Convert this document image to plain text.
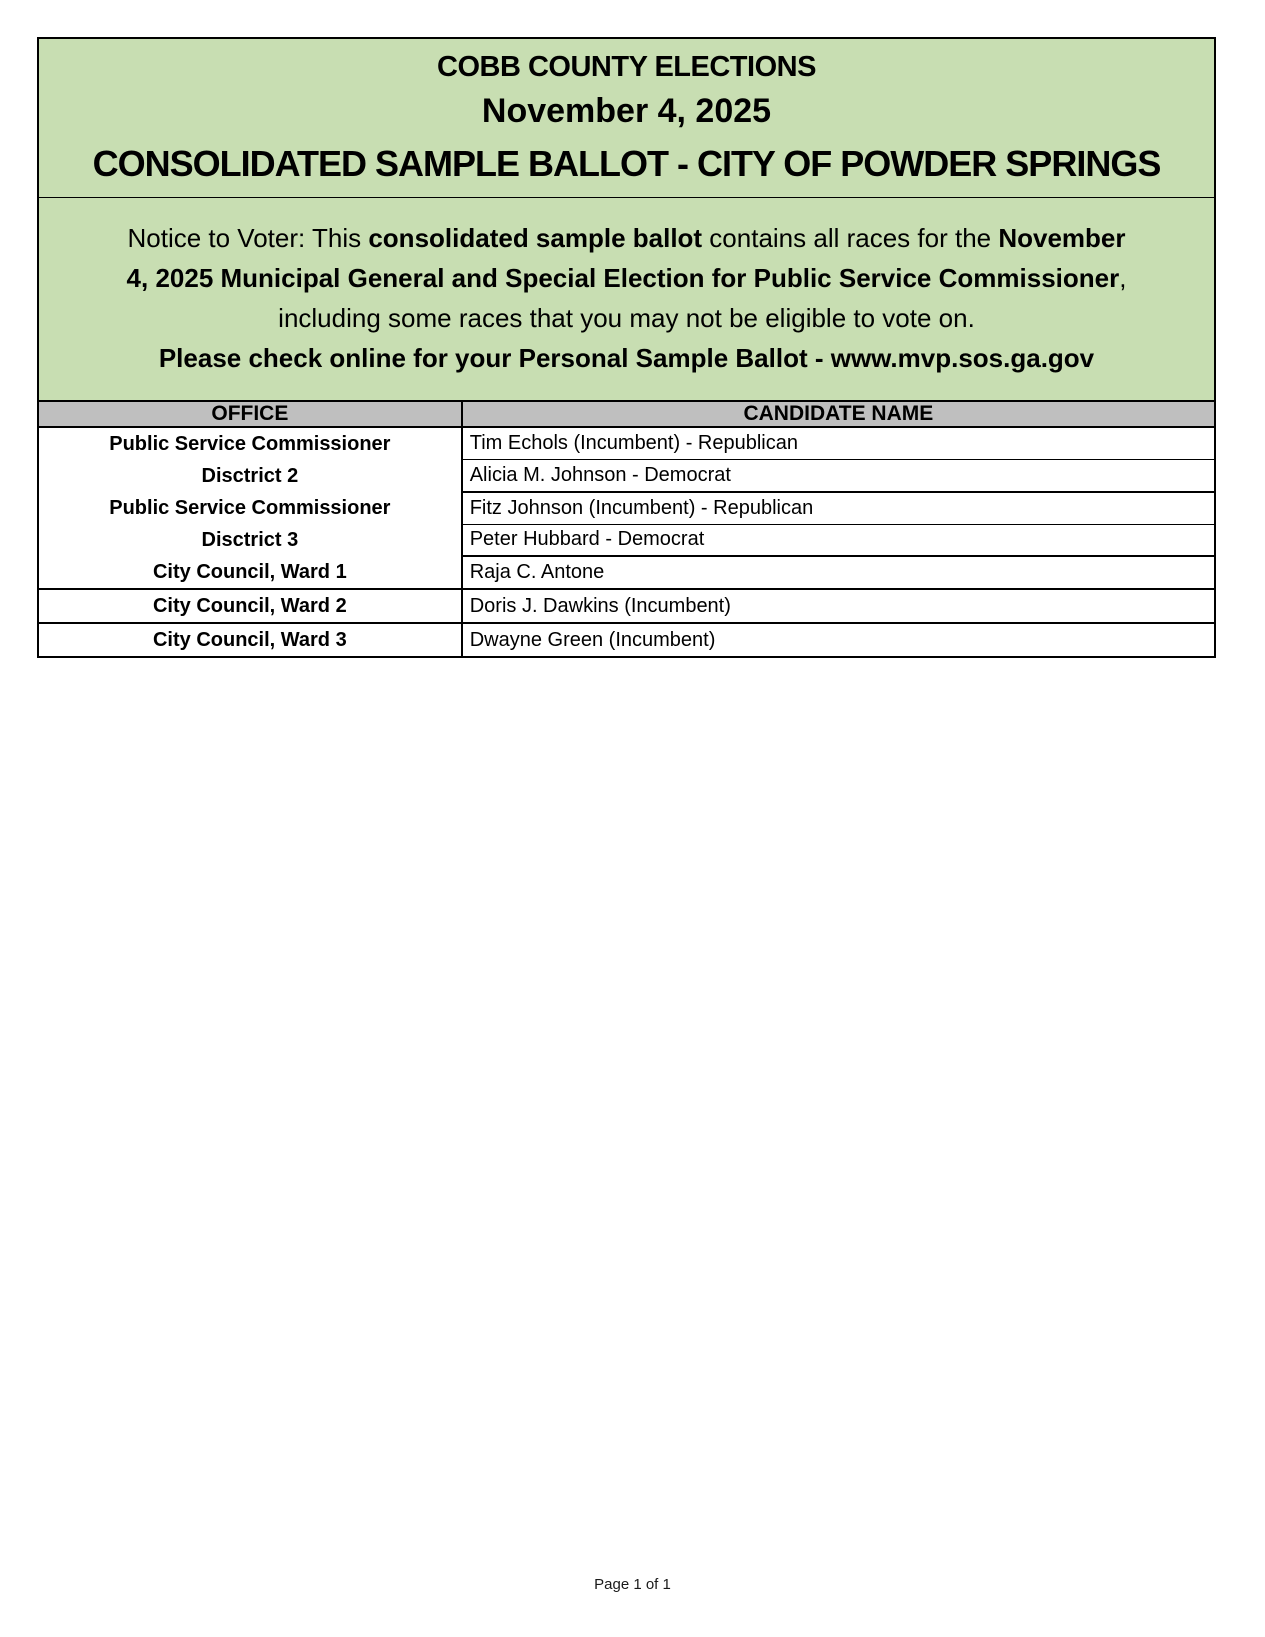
COBB COUNTY ELECTIONS
November 4, 2025
CONSOLIDATED SAMPLE BALLOT - CITY OF POWDER SPRINGS
Notice to Voter: This consolidated sample ballot contains all races for the November
4, 2025 Municipal General and Special Election for Public Service Commissioner,
including some races that you may not be eligible to vote on.
Please check online for your Personal Sample Ballot - www.mvp.sos.ga.gov
OFFICE	CANDIDATE NAME

Public Service Commissioner
Disctrict 2	Tim Echols (Incumbent) - Republican
	Alicia M. Johnson - Democrat

Public Service Commissioner
Disctrict 3	Fitz Johnson (Incumbent) - Republican
	Peter Hubbard - Democrat

City Council, Ward 1	Raja C. Antone

City Council, Ward 2	Doris J. Dawkins (Incumbent)

City Council, Ward 3	Dwayne Green (Incumbent)
Page 1 of 1
